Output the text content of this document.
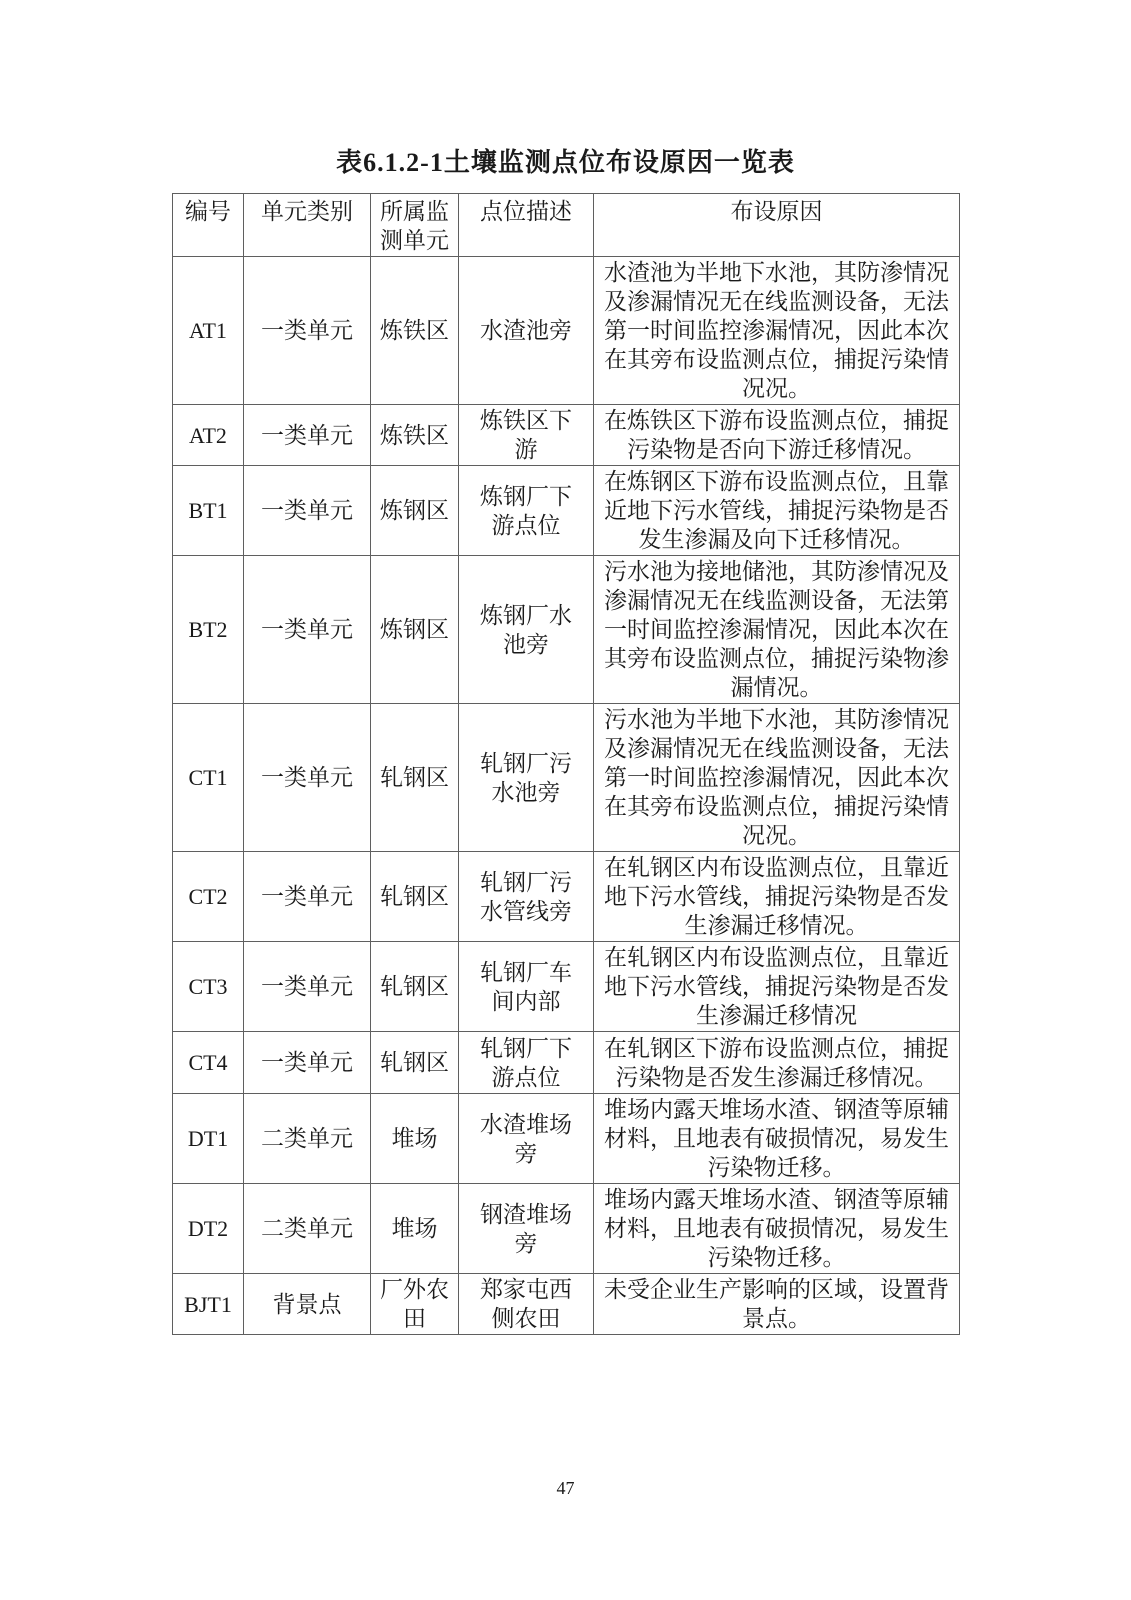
表6.1.2-1土壤监测点位布设原因一览表
编号	单元类别	所属监测单元	点位描述	布设原因
AT1	一类单元	炼铁区	水渣池旁	水渣池为半地下水池，其防渗情况及渗漏情况无在线监测设备，无法第一时间监控渗漏情况，因此本次在其旁布设监测点位，捕捉污染情况况。
AT2	一类单元	炼铁区	炼铁区下游	在炼铁区下游布设监测点位，捕捉污染物是否向下游迁移情况。
BT1	一类单元	炼钢区	炼钢厂下游点位	在炼钢区下游布设监测点位，且靠近地下污水管线，捕捉污染物是否发生渗漏及向下迁移情况。
BT2	一类单元	炼钢区	炼钢厂水池旁	污水池为接地储池，其防渗情况及渗漏情况无在线监测设备，无法第一时间监控渗漏情况，因此本次在其旁布设监测点位，捕捉污染物渗漏情况。
CT1	一类单元	轧钢区	轧钢厂污水池旁	污水池为半地下水池，其防渗情况及渗漏情况无在线监测设备，无法第一时间监控渗漏情况，因此本次在其旁布设监测点位，捕捉污染情况况。
CT2	一类单元	轧钢区	轧钢厂污水管线旁	在轧钢区内布设监测点位，且靠近地下污水管线，捕捉污染物是否发生渗漏迁移情况。
CT3	一类单元	轧钢区	轧钢厂车间内部	在轧钢区内布设监测点位，且靠近地下污水管线，捕捉污染物是否发生渗漏迁移情况
CT4	一类单元	轧钢区	轧钢厂下游点位	在轧钢区下游布设监测点位，捕捉污染物是否发生渗漏迁移情况。
DT1	二类单元	堆场	水渣堆场旁	堆场内露天堆场水渣、钢渣等原辅材料，且地表有破损情况，易发生污染物迁移。
DT2	二类单元	堆场	钢渣堆场旁	堆场内露天堆场水渣、钢渣等原辅材料，且地表有破损情况，易发生污染物迁移。
BJT1	背景点	厂外农田	郑家屯西侧农田	未受企业生产影响的区域，设置背景点。
47
